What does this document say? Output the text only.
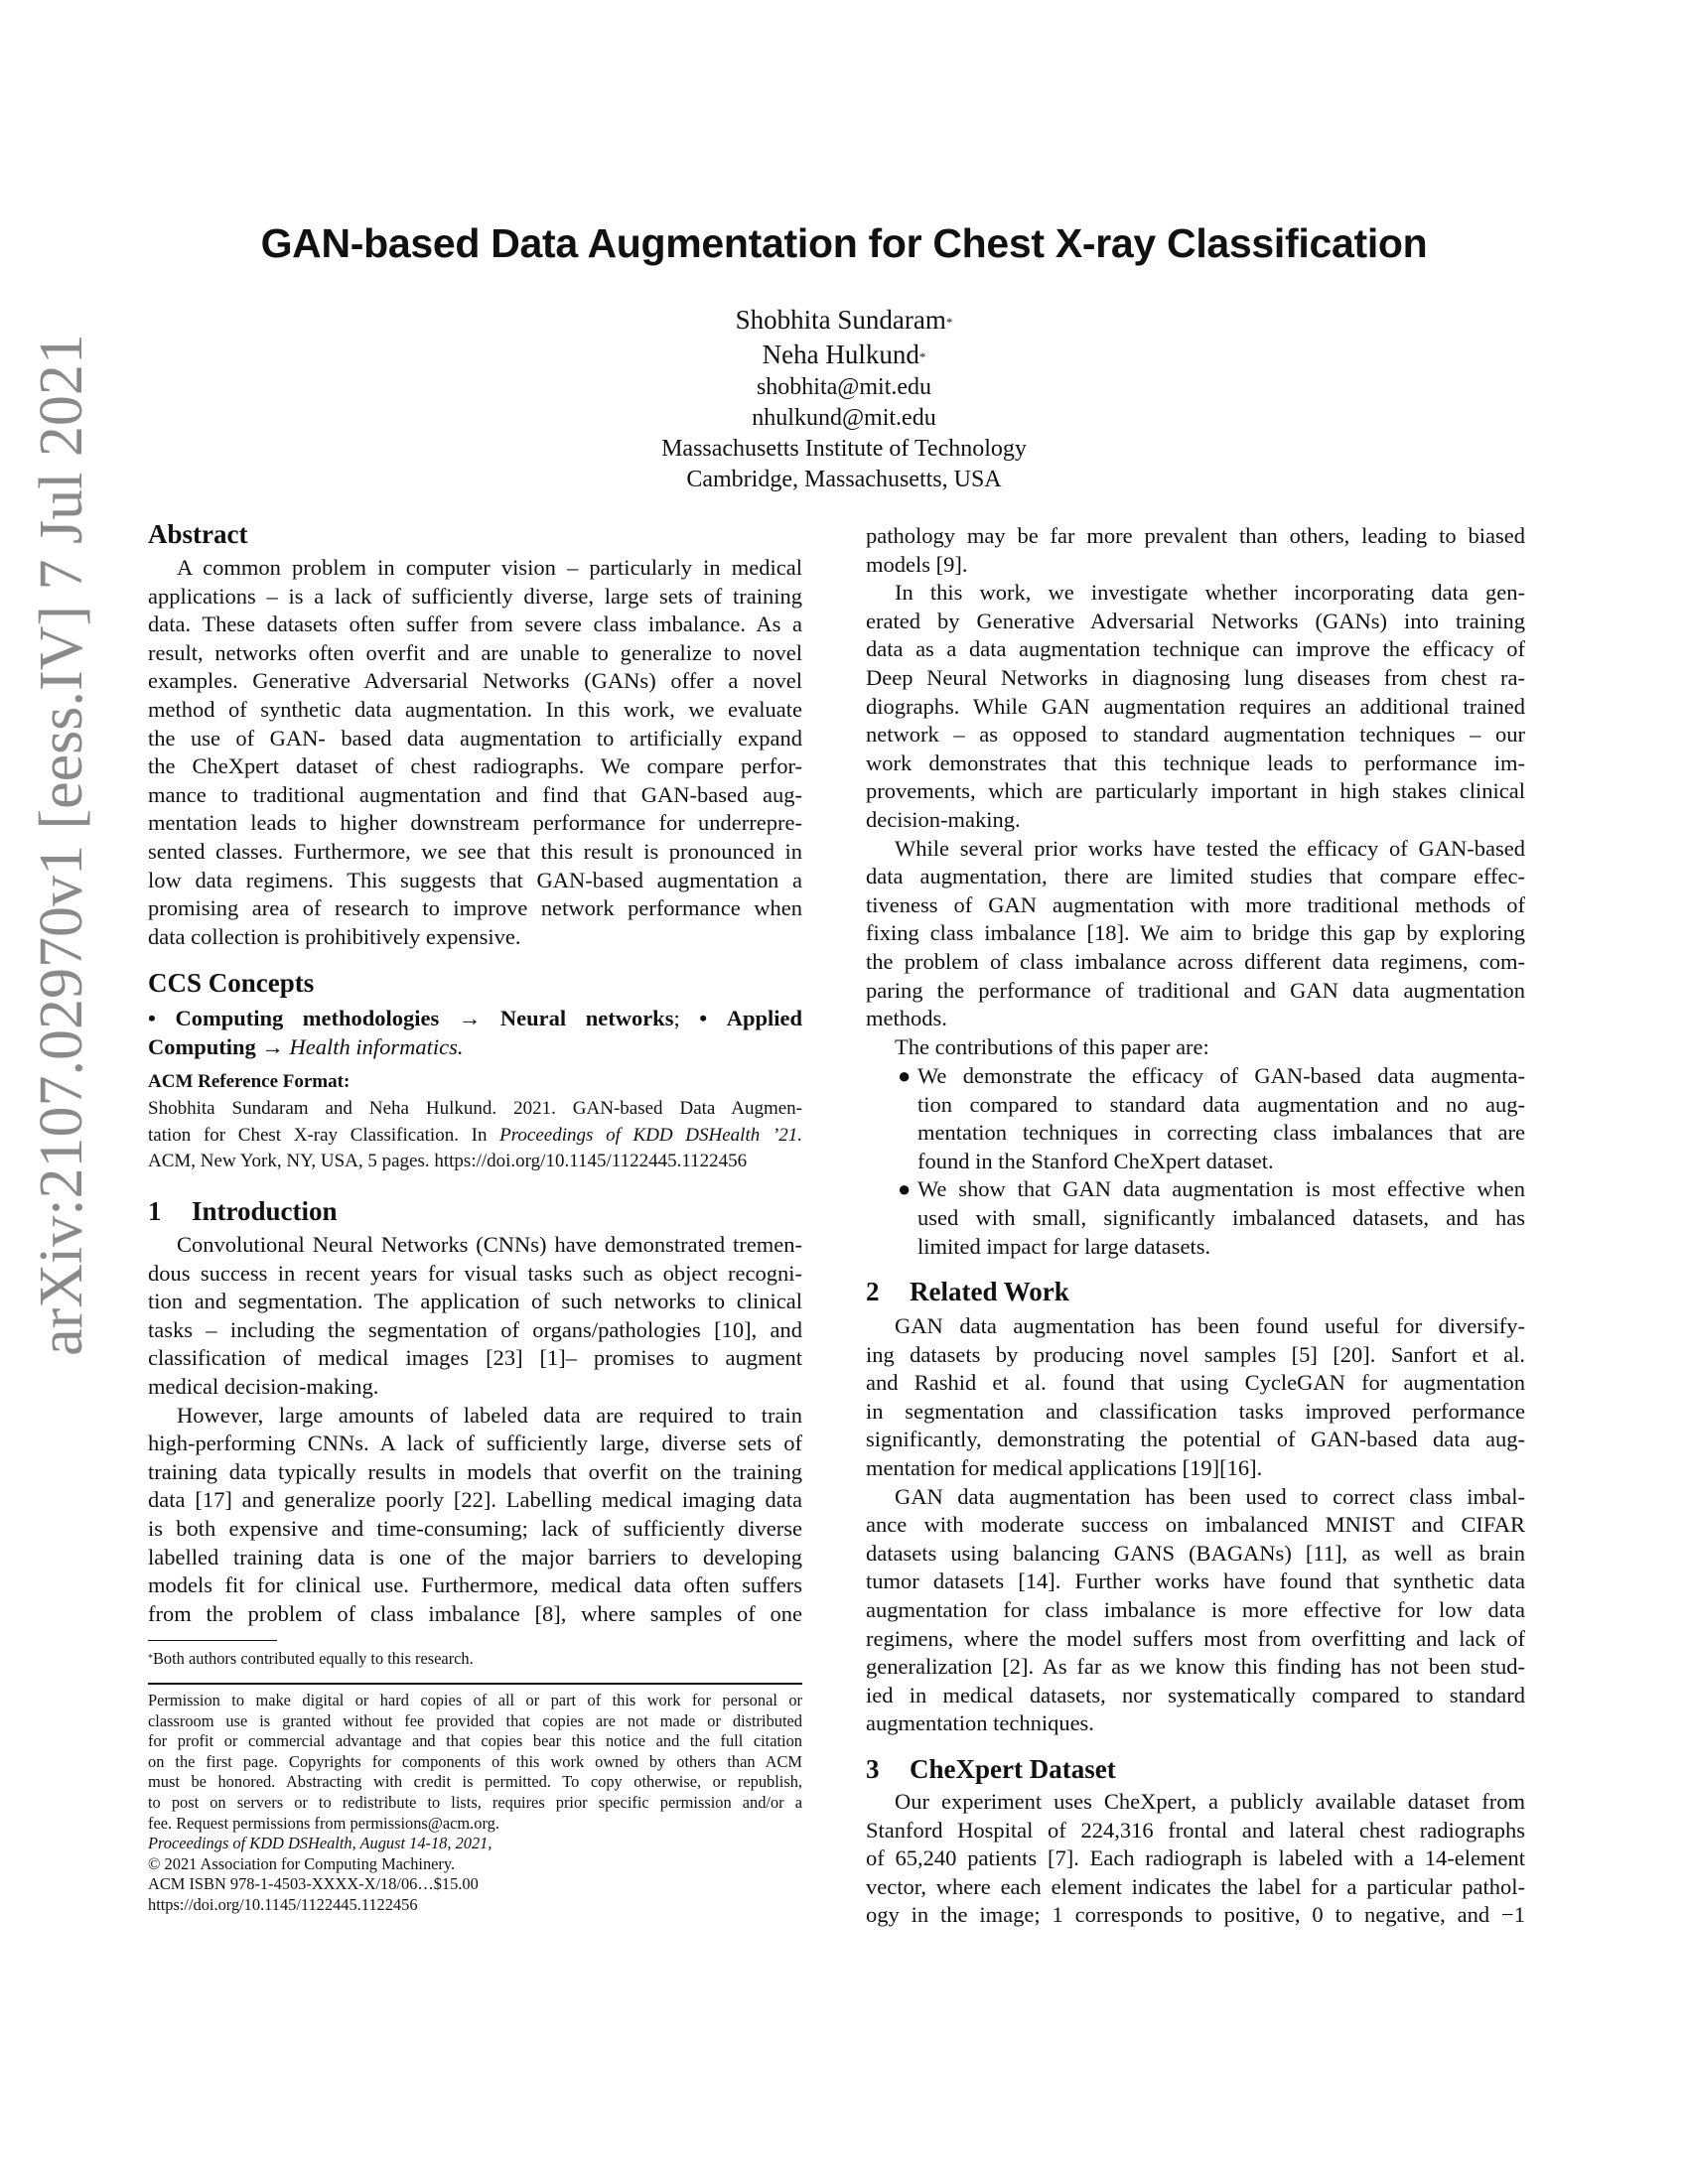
arXiv:2107.02970v1 [eess.IV] 7 Jul 2021
GAN-based Data Augmentation for Chest X-ray Classification
Shobhita Sundaram*
Neha Hulkund*
shobhita@mit.edu
nhulkund@mit.edu
Massachusetts Institute of Technology
Cambridge, Massachusetts, USA
Abstract
A common problem in computer vision – particularly in medical
applications – is a lack of sufficiently diverse, large sets of training
data. These datasets often suffer from severe class imbalance. As a
result, networks often overfit and are unable to generalize to novel
examples. Generative Adversarial Networks (GANs) offer a novel
method of synthetic data augmentation. In this work, we evaluate
the use of GAN- based data augmentation to artificially expand
the CheXpert dataset of chest radiographs. We compare perfor-
mance to traditional augmentation and find that GAN-based aug-
mentation leads to higher downstream performance for underrepre-
sented classes. Furthermore, we see that this result is pronounced in
low data regimens. This suggests that GAN-based augmentation a
promising area of research to improve network performance when
data collection is prohibitively expensive.
CCS Concepts
• Computing methodologies → Neural networks; • Applied
Computing → Health informatics.
ACM Reference Format:
Shobhita Sundaram and Neha Hulkund. 2021. GAN-based Data Augmen-
tation for Chest X-ray Classification. In Proceedings of KDD DSHealth ’21.
ACM, New York, NY, USA, 5 pages. https://doi.org/10.1145/1122445.1122456
1 Introduction
Convolutional Neural Networks (CNNs) have demonstrated tremen-
dous success in recent years for visual tasks such as object recogni-
tion and segmentation. The application of such networks to clinical
tasks – including the segmentation of organs/pathologies [10], and
classification of medical images [23] [1]– promises to augment
medical decision-making.
However, large amounts of labeled data are required to train
high-performing CNNs. A lack of sufficiently large, diverse sets of
training data typically results in models that overfit on the training
data [17] and generalize poorly [22]. Labelling medical imaging data
is both expensive and time-consuming; lack of sufficiently diverse
labelled training data is one of the major barriers to developing
models fit for clinical use. Furthermore, medical data often suffers
from the problem of class imbalance [8], where samples of one
*Both authors contributed equally to this research.
Permission to make digital or hard copies of all or part of this work for personal or
classroom use is granted without fee provided that copies are not made or distributed
for profit or commercial advantage and that copies bear this notice and the full citation
on the first page. Copyrights for components of this work owned by others than ACM
must be honored. Abstracting with credit is permitted. To copy otherwise, or republish,
to post on servers or to redistribute to lists, requires prior specific permission and/or a
fee. Request permissions from permissions@acm.org.
Proceedings of KDD DSHealth, August 14-18, 2021,
© 2021 Association for Computing Machinery.
ACM ISBN 978-1-4503-XXXX-X/18/06…$15.00
https://doi.org/10.1145/1122445.1122456
pathology may be far more prevalent than others, leading to biased
models [9].
In this work, we investigate whether incorporating data gen-
erated by Generative Adversarial Networks (GANs) into training
data as a data augmentation technique can improve the efficacy of
Deep Neural Networks in diagnosing lung diseases from chest ra-
diographs. While GAN augmentation requires an additional trained
network – as opposed to standard augmentation techniques – our
work demonstrates that this technique leads to performance im-
provements, which are particularly important in high stakes clinical
decision-making.
While several prior works have tested the efficacy of GAN-based
data augmentation, there are limited studies that compare effec-
tiveness of GAN augmentation with more traditional methods of
fixing class imbalance [18]. We aim to bridge this gap by exploring
the problem of class imbalance across different data regimens, com-
paring the performance of traditional and GAN data augmentation
methods.
The contributions of this paper are:
● We demonstrate the efficacy of GAN-based data augmenta-
tion compared to standard data augmentation and no aug-
mentation techniques in correcting class imbalances that are
found in the Stanford CheXpert dataset.
● We show that GAN data augmentation is most effective when
used with small, significantly imbalanced datasets, and has
limited impact for large datasets.
2 Related Work
GAN data augmentation has been found useful for diversify-
ing datasets by producing novel samples [5] [20]. Sanfort et al.
and Rashid et al. found that using CycleGAN for augmentation
in segmentation and classification tasks improved performance
significantly, demonstrating the potential of GAN-based data aug-
mentation for medical applications [19][16].
GAN data augmentation has been used to correct class imbal-
ance with moderate success on imbalanced MNIST and CIFAR
datasets using balancing GANS (BAGANs) [11], as well as brain
tumor datasets [14]. Further works have found that synthetic data
augmentation for class imbalance is more effective for low data
regimens, where the model suffers most from overfitting and lack of
generalization [2]. As far as we know this finding has not been stud-
ied in medical datasets, nor systematically compared to standard
augmentation techniques.
3 CheXpert Dataset
Our experiment uses CheXpert, a publicly available dataset from
Stanford Hospital of 224,316 frontal and lateral chest radiographs
of 65,240 patients [7]. Each radiograph is labeled with a 14-element
vector, where each element indicates the label for a particular pathol-
ogy in the image; 1 corresponds to positive, 0 to negative, and −1
